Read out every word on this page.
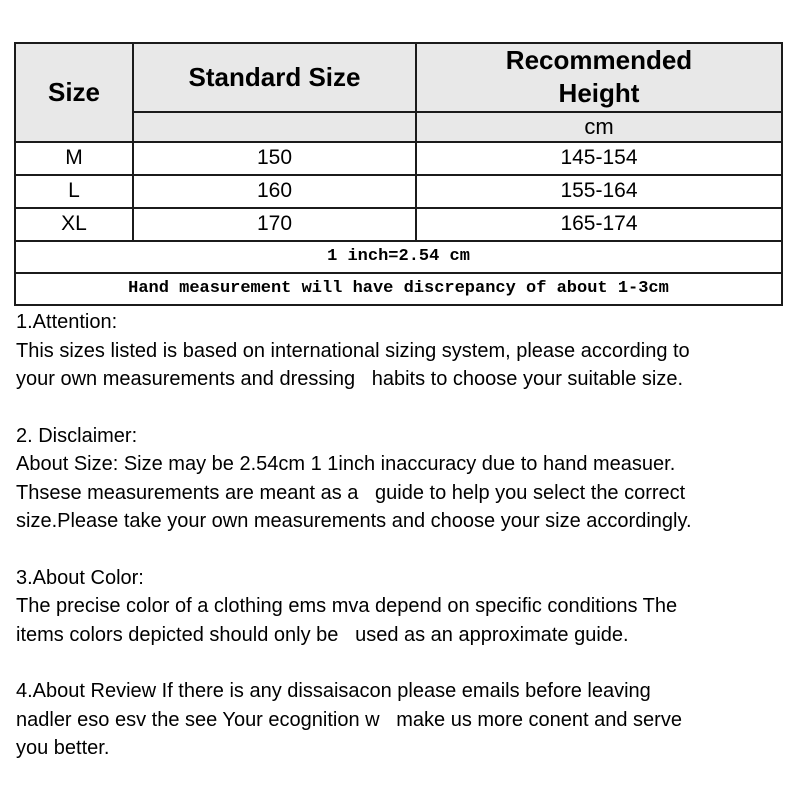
Size	Standard Size	Recommended Height
		cm
M	150	145-154
L	160	155-164
XL	170	165-174
1 inch=2.54 cm		
Hand measurement will have discrepancy of about 1-3cm		
1.Attention:
This sizes listed is based on international sizing system, please according to
your own measurements and dressing   habits to choose your suitable size.
2. Disclaimer:
About Size: Size may be 2.54cm 1 1inch inaccuracy due to hand measuer.
Thsese measurements are meant as a   guide to help you select the correct
size.Please take your own measurements and choose your size accordingly.
3.About Color:
The precise color of a clothing ems mva depend on specific conditions The
items colors depicted should only be   used as an approximate guide.
4.About Review If there is any dissaisacon please emails before leaving
nadler eso esv the see Your ecognition w   make us more conent and serve
you better.
